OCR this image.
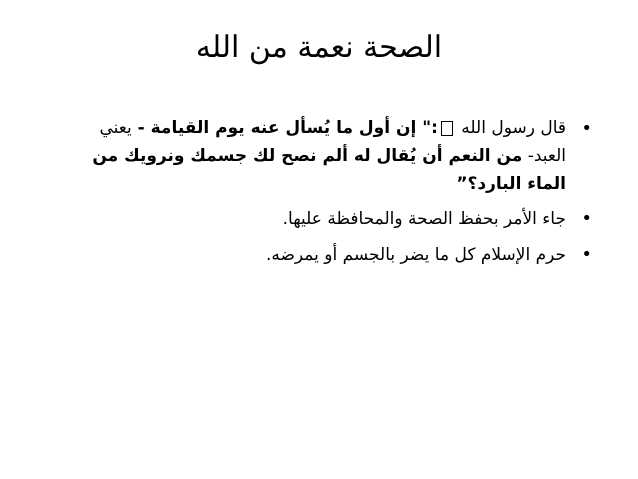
الصحة نعمة من الله
•
قال رسول الله :" إن أول ما يُسأل عنه يوم القيامة - يعني العبد- من النعم أن يُقال له ألم نصح لك جسمك ونرويك من الماء البارد؟”
•
جاء الأمر بحفظ الصحة والمحافظة عليها.
•
حرم الإسلام كل ما يضر بالجسم أو يمرضه.
